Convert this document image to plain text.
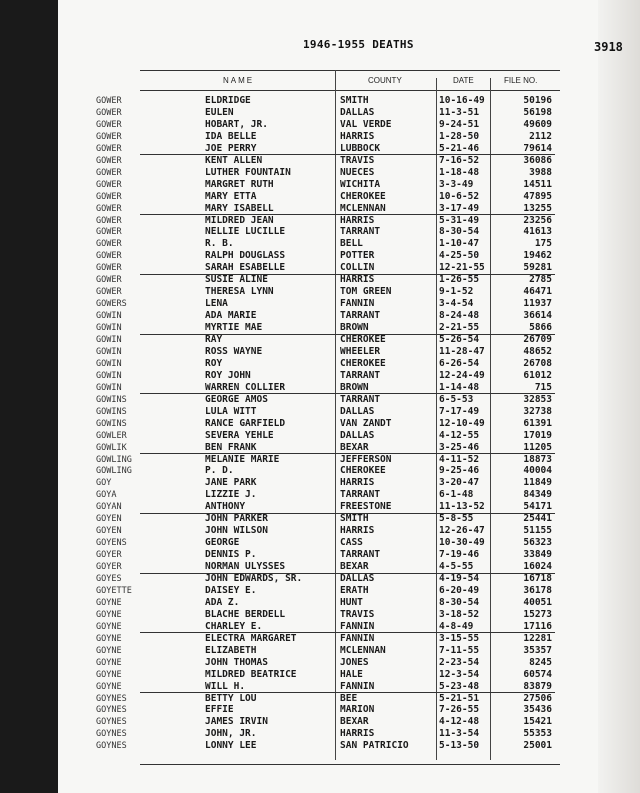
1946-1955 DEATHS	3918
NAME	COUNTY	DATE	FILE NO.
GOWER	ELDRIDGE	SMITH	10-16-49	50196
GOWER	EULEN	DALLAS	11-3-51	56198
GOWER	HOBART, JR.	VAL VERDE	9-24-51	49609
GOWER	IDA BELLE	HARRIS	1-28-50	2112
GOWER	JOE PERRY	LUBBOCK	5-21-46	79614
GOWER	KENT ALLEN	TRAVIS	7-16-52	36086
GOWER	LUTHER FOUNTAIN	NUECES	1-18-48	3988
GOWER	MARGRET RUTH	WICHITA	3-3-49	14511
GOWER	MARY ETTA	CHEROKEE	10-6-52	47895
GOWER	MARY ISABELL	MCLENNAN	3-17-49	13255
GOWER	MILDRED JEAN	HARRIS	5-31-49	23256
GOWER	NELLIE LUCILLE	TARRANT	8-30-54	41613
GOWER	R. B.	BELL	1-10-47	175
GOWER	RALPH DOUGLASS	POTTER	4-25-50	19462
GOWER	SARAH ESABELLE	COLLIN	12-21-55	59281
GOWER	SUSIE ALINE	HARRIS	1-26-55	2785
GOWER	THERESA LYNN	TOM GREEN	9-1-52	46471
GOWERS	LENA	FANNIN	3-4-54	11937
GOWIN	ADA MARIE	TARRANT	8-24-48	36614
GOWIN	MYRTIE MAE	BROWN	2-21-55	5866
GOWIN	RAY	CHEROKEE	5-26-54	26709
GOWIN	ROSS WAYNE	WHEELER	11-28-47	48652
GOWIN	ROY	CHEROKEE	6-26-54	26708
GOWIN	ROY JOHN	TARRANT	12-24-49	61012
GOWIN	WARREN COLLIER	BROWN	1-14-48	715
GOWINS	GEORGE AMOS	TARRANT	6-5-53	32853
GOWINS	LULA WITT	DALLAS	7-17-49	32738
GOWINS	RANCE GARFIELD	VAN ZANDT	12-10-49	61391
GOWLER	SEVERA YEHLE	DALLAS	4-12-55	17019
GOWLIK	BEN FRANK	BEXAR	3-25-46	11205
GOWLING	MELANIE MARIE	JEFFERSON	4-11-52	18873
GOWLING	P. D.	CHEROKEE	9-25-46	40004
GOY	JANE PARK	HARRIS	3-20-47	11849
GOYA	LIZZIE J.	TARRANT	6-1-48	84349
GOYAN	ANTHONY	FREESTONE	11-13-52	54171
GOYEN	JOHN PARKER	SMITH	5-8-55	25441
GOYEN	JOHN WILSON	HARRIS	12-26-47	51155
GOYENS	GEORGE	CASS	10-30-49	56323
GOYER	DENNIS P.	TARRANT	7-19-46	33849
GOYER	NORMAN ULYSSES	BEXAR	4-5-55	16024
GOYES	JOHN EDWARDS, SR.	DALLAS	4-19-54	16718
GOYETTE	DAISEY E.	ERATH	6-20-49	36178
GOYNE	ADA Z.	HUNT	8-30-54	40051
GOYNE	BLACHE BERDELL	TRAVIS	3-18-52	15273
GOYNE	CHARLEY E.	FANNIN	4-8-49	17116
GOYNE	ELECTRA MARGARET	FANNIN	3-15-55	12281
GOYNE	ELIZABETH	MCLENNAN	7-11-55	35357
GOYNE	JOHN THOMAS	JONES	2-23-54	8245
GOYNE	MILDRED BEATRICE	HALE	12-3-54	60574
GOYNE	WILL H.	FANNIN	5-23-48	83879
GOYNES	BETTY LOU	BEE	5-21-51	27506
GOYNES	EFFIE	MARION	7-26-55	35436
GOYNES	JAMES IRVIN	BEXAR	4-12-48	15421
GOYNES	JOHN, JR.	HARRIS	11-3-54	55353
GOYNES	LONNY LEE	SAN PATRICIO	5-13-50	25001
